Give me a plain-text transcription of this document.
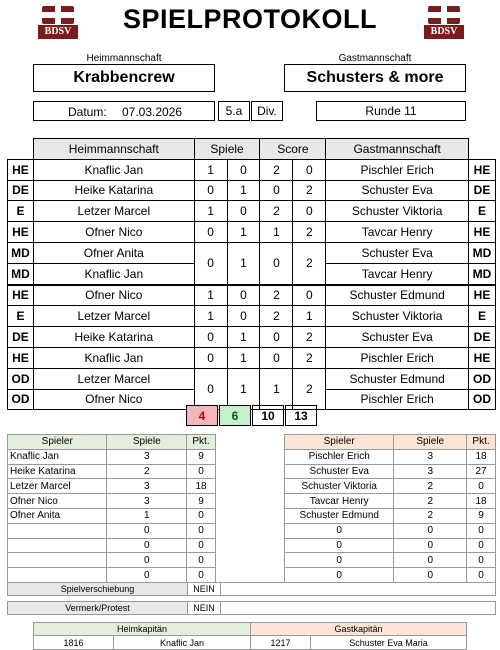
BDSV	SPIELPROTOKOLL	BDSV
Heimmannschaft
Krabbencrew
Gastmannschaft
Schusters & more
Datum: 07.03.2026	5.a	Div.	Runde 11
	Heimmannschaft	Spiele		Score		Gastmannschaft	
HE	Knaflic Jan	1	0	2	0	Pischler Erich	HE
DE	Heike Katarina	0	1	0	2	Schuster Eva	DE
E	Letzer Marcel	1	0	2	0	Schuster Viktoria	E
HE	Ofner Nico	0	1	1	2	Tavcar Henry	HE
MD	Ofner Anita	0	1	0	2	Schuster Eva	MD
MD	Knaflic Jan					Tavcar Henry	MD
HE	Ofner Nico	1	0	2	0	Schuster Edmund	HE
E	Letzer Marcel	1	0	2	1	Schuster Viktoria	E
DE	Heike Katarina	0	1	0	2	Schuster Eva	DE
HE	Knaflic Jan	0	1	0	2	Pischler Erich	HE
OD	Letzer Marcel	0	1	1	2	Schuster Edmund	OD
OD	Ofner Nico					Pischler Erich	OD
4	6	10	13
Spieler	Spiele	Pkt.
Knaflic Jan	3	9
Heike Katarina	2	0
Letzer Marcel	3	18
Ofner Nico	3	9
Ofner Anita	1	0
	0	0
	0	0
	0	0
	0	0
Spieler	Spiele	Pkt.
Pischler Erich	3	18
Schuster Eva	3	27
Schuster Viktoria	2	0
Tavcar Henry	2	18
Schuster Edmund	2	9
0	0	0
0	0	0
0	0	0
0	0	0
Spielverschiebung	NEIN
Vermerk/Protest	NEIN
Heimkapitän	Gastkapitän
1816	Knaflic Jan	1217	Schuster Eva Maria
